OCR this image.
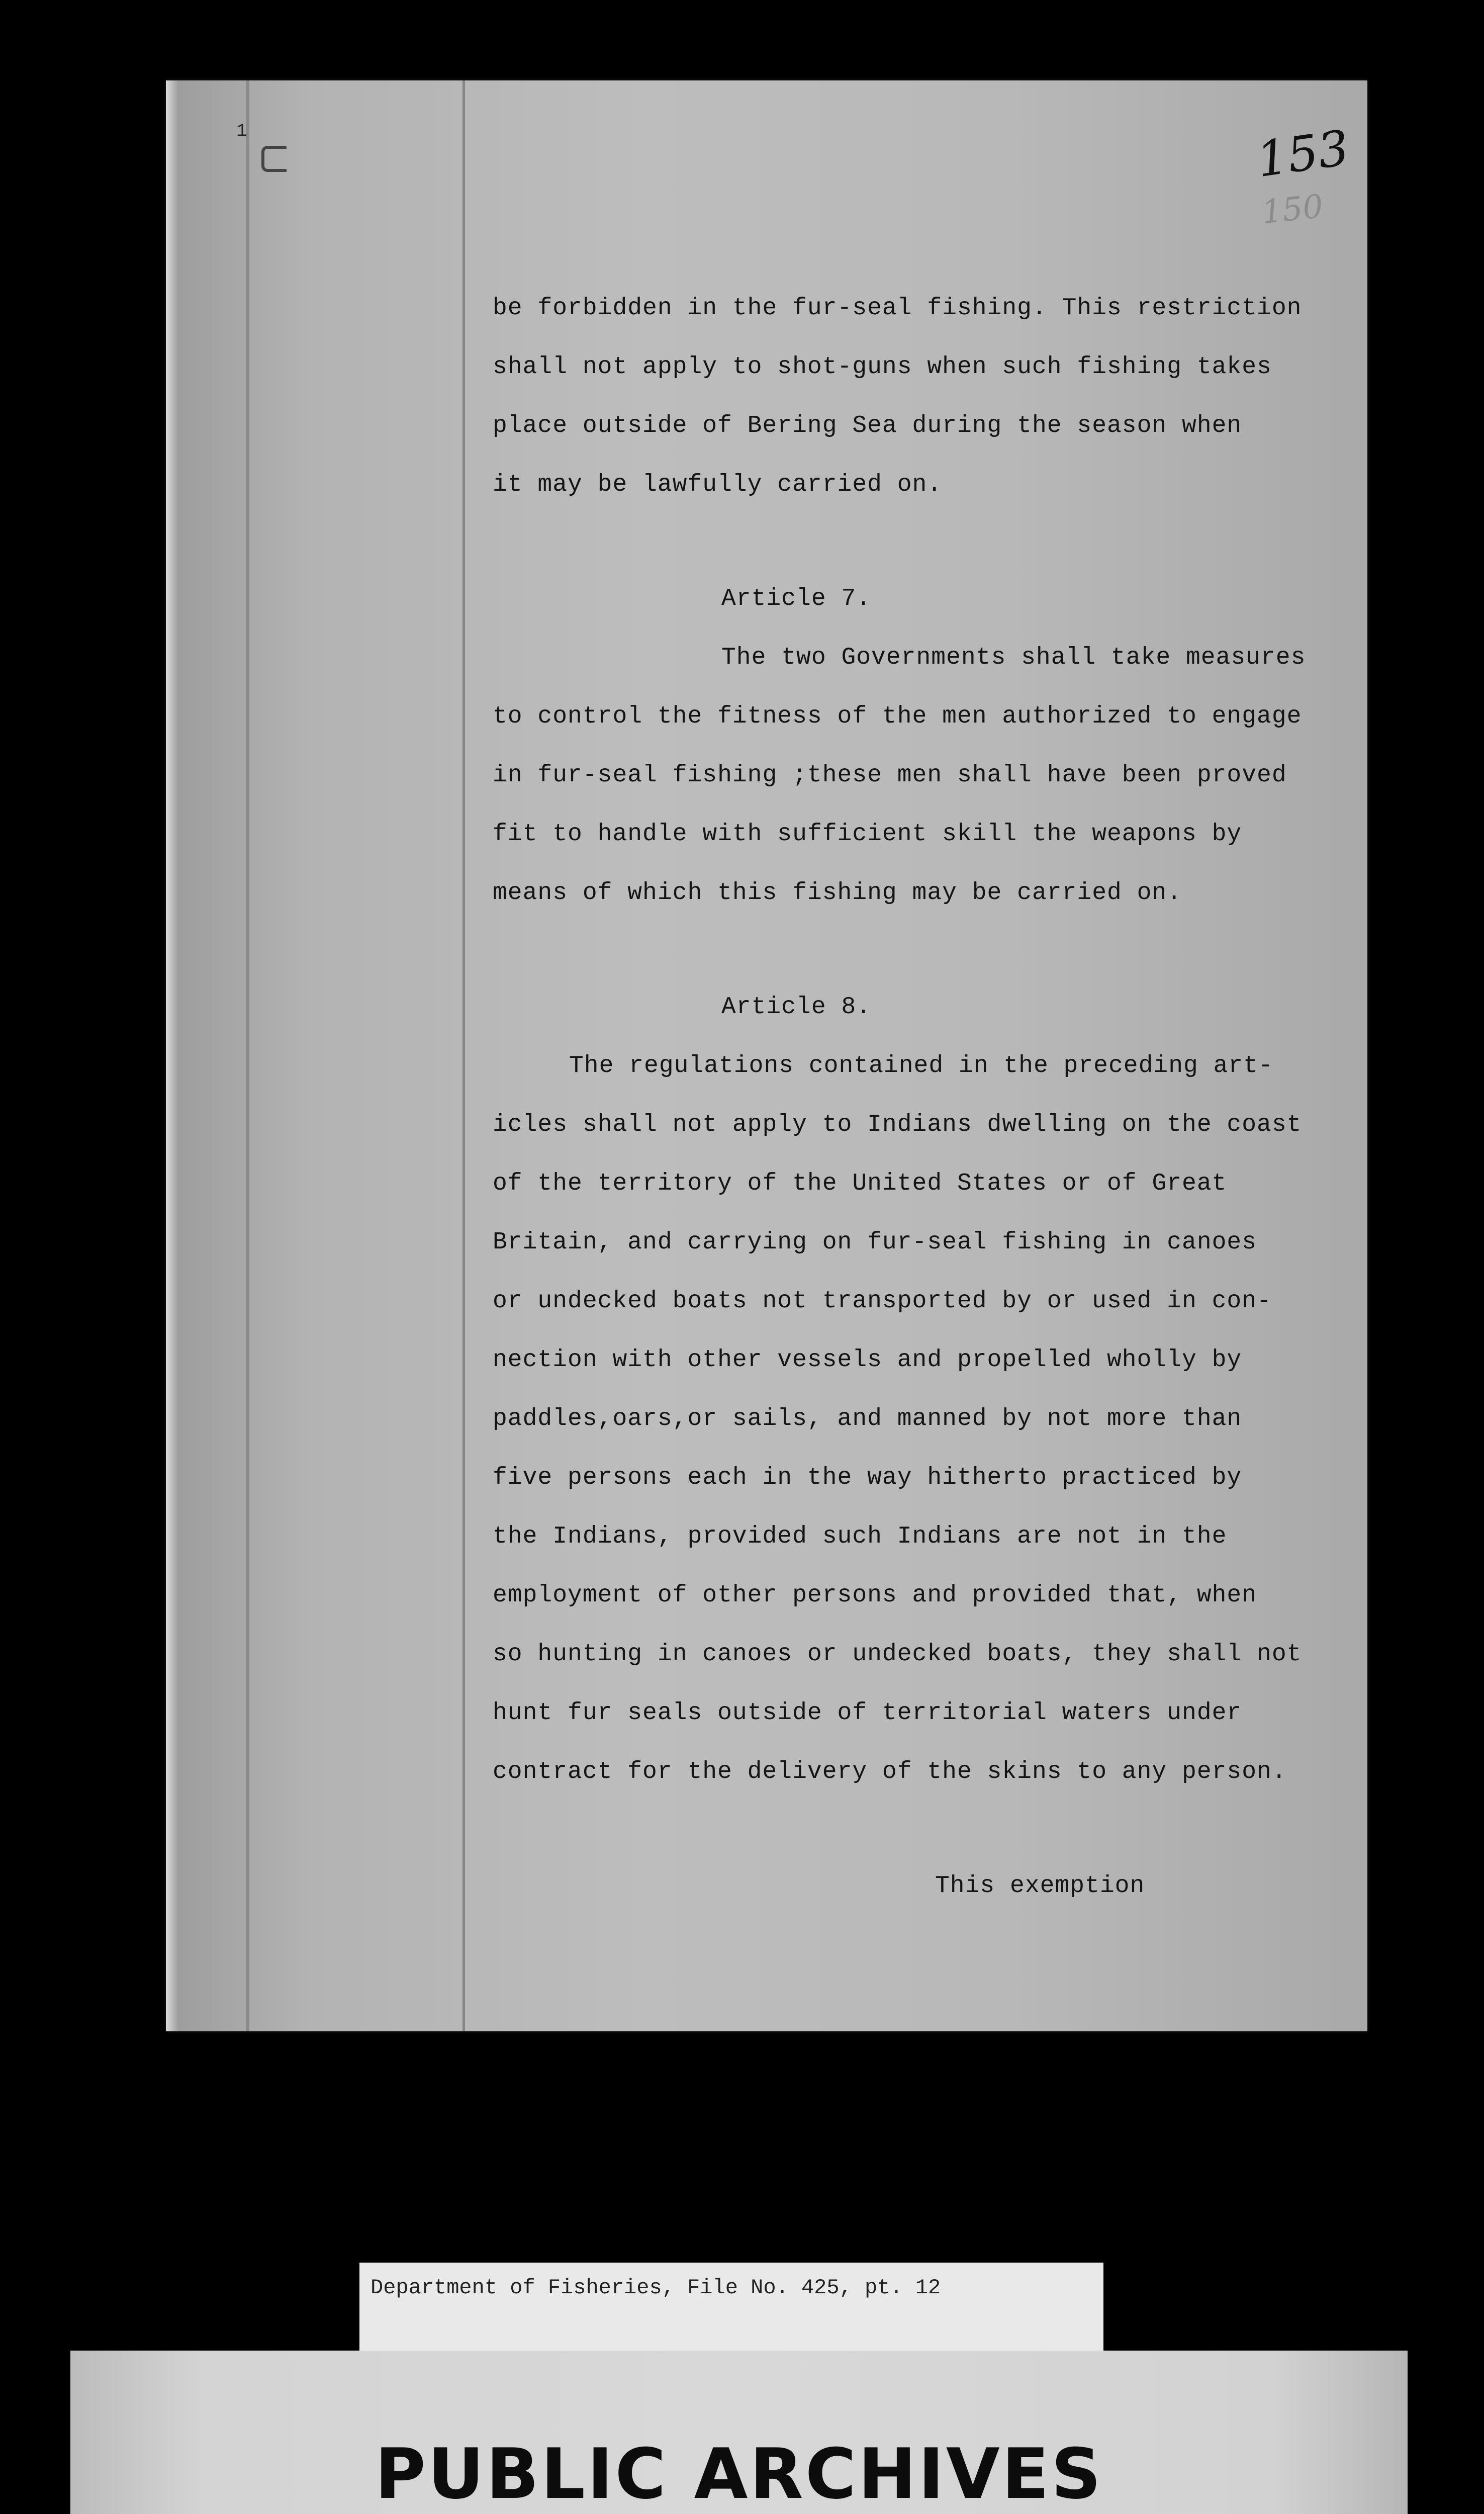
1	153
150
be forbidden in the fur-seal fishing. This restriction
shall not apply to shot-guns when such fishing takes
place outside of Bering Sea during the season when
it may be lawfully carried on.
Article 7.
The two Governments shall take measures
to control the fitness of the men authorized to engage
in fur-seal fishing ;these men shall have been proved
fit to handle with sufficient skill the weapons by
means of which this fishing may be carried on.
Article 8.
The regulations contained in the preceding art-
icles shall not apply to Indians dwelling on the coast
of the territory of the United States or of Great
Britain, and carrying on fur-seal fishing in canoes
or undecked boats not transported by or used in con-
nection with other vessels and propelled wholly by
paddles,oars,or sails, and manned by not more than
five persons each in the way hitherto practiced by
the Indians, provided such Indians are not in the
employment of other persons and provided that, when
so hunting in canoes or undecked boats, they shall not
hunt fur seals outside of territorial waters under
contract for the delivery of the skins to any person.
This exemption
Department of Fisheries, File No. 425, pt. 12
PUBLIC ARCHIVES
